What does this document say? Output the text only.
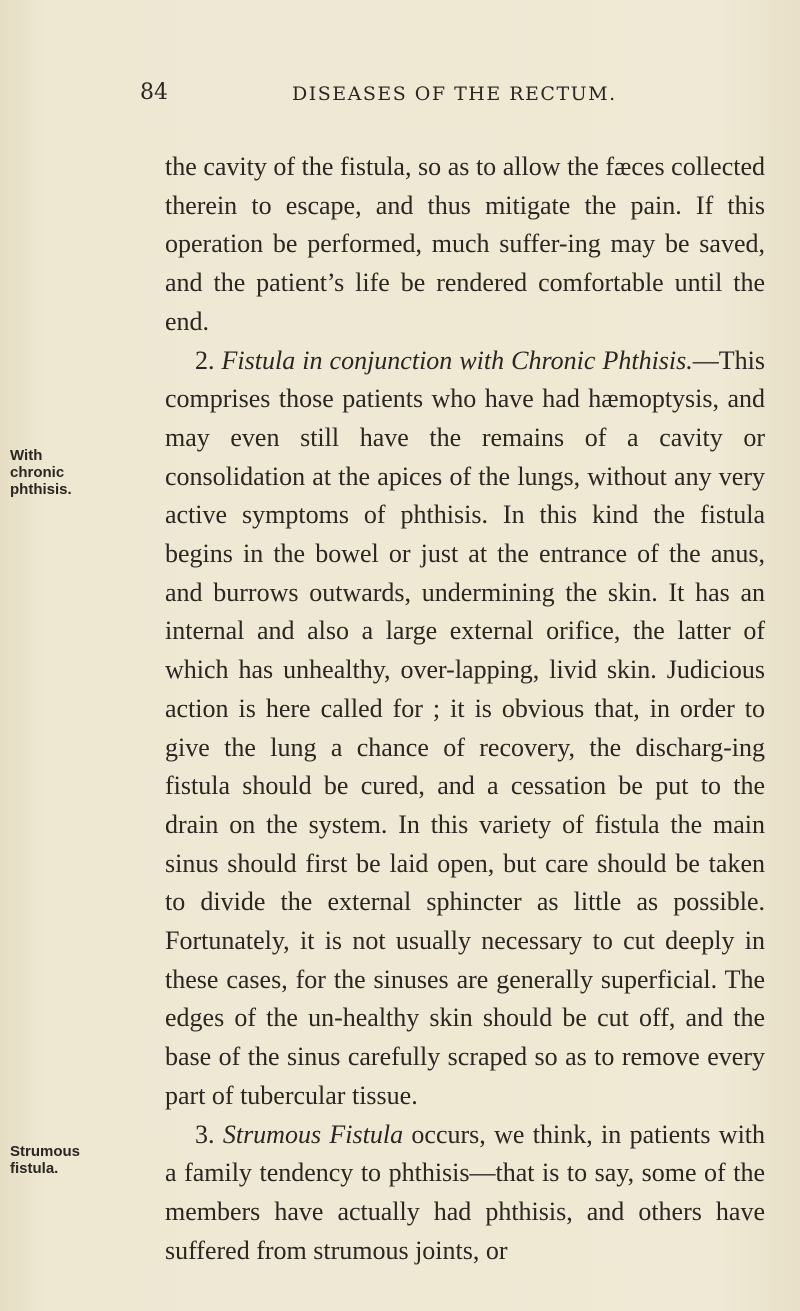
84	DISEASES OF THE RECTUM.
With
chronic
phthisis.
Strumous
fistula.

the cavity of the fistula, so as to allow the fæces collected therein to escape, and thus mitigate the pain. If this operation be performed, much suffer-ing may be saved, and the patient’s life be rendered comfortable until the end.

2. Fistula in conjunction with Chronic Phthisis.—This comprises those patients who have had hæmoptysis, and may even still have the remains of a cavity or consolidation at the apices of the lungs, without any very active symptoms of phthisis. In this kind the fistula begins in the bowel or just at the entrance of the anus, and burrows outwards, undermining the skin. It has an internal and also a large external orifice, the latter of which has unhealthy, over-lapping, livid skin. Judicious action is here called for ; it is obvious that, in order to give the lung a chance of recovery, the discharg-ing fistula should be cured, and a cessation be put to the drain on the system. In this variety of fistula the main sinus should first be laid open, but care should be taken to divide the external sphincter as little as possible. Fortunately, it is not usually necessary to cut deeply in these cases, for the sinuses are generally superficial. The edges of the un-healthy skin should be cut off, and the base of the sinus carefully scraped so as to remove every part of tubercular tissue.

3. Strumous Fistula occurs, we think, in patients with a family tendency to phthisis—that is to say, some of the members have actually had phthisis, and others have suffered from strumous joints, or
